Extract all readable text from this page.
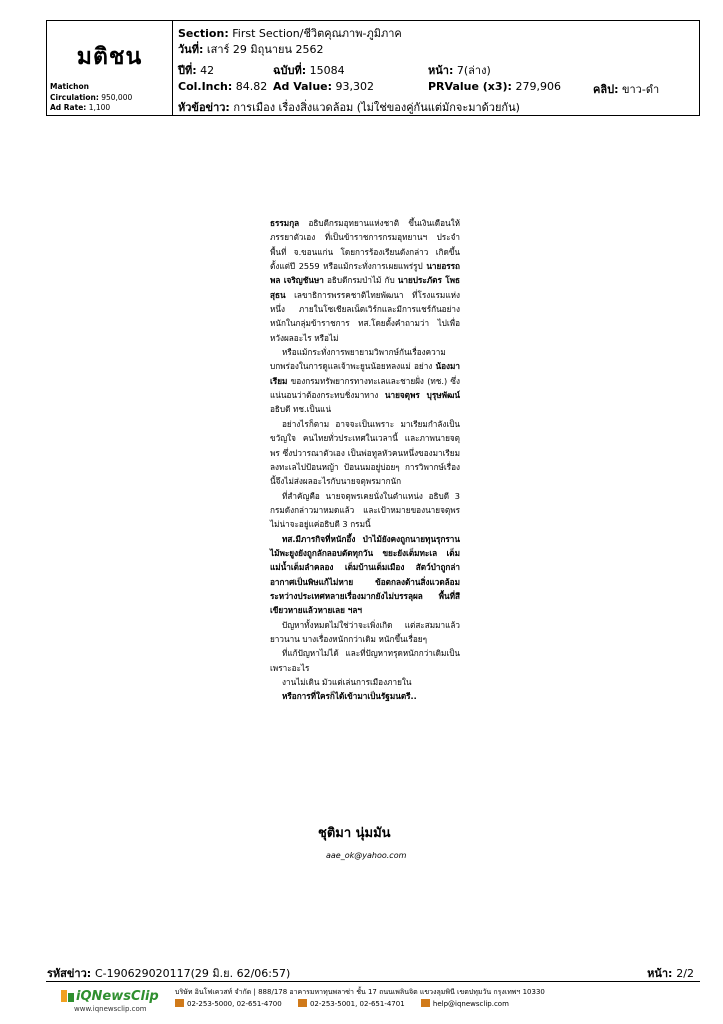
มติชน
Matichon
Circulation: 950,000
Ad Rate: 1,100
Section: First Section/ชีวิตคุณภาพ-ภูมิภาค
วันที่: เสาร์ 29 มิถุนายน 2562
ปีที่: 42	ฉบับที่: 15084	หน้า: 7(ล่าง)
Col.Inch: 84.82 Ad Value: 93,302	PRValue (x3): 279,906	คลิป: ขาว-ดำ
หัวข้อข่าว: การเมือง เรื่องสิ่งแวดล้อม (ไม่ใช่ของคู่กันแต่มักจะมาด้วยกัน)

ธรรมกุล อธิบดีกรมอุทยานแห่งชาติ ขึ้นเงินเดือนให้ภรรยาตัวเอง ที่เป็นข้าราชการกรมอุทยานฯ ประจำพื้นที่ จ.ขอนแก่น โดยการร้องเรียนดังกล่าว เกิดขึ้นตั้งแต่ปี 2559 หรือแม้กระทั่งการเผยแพร่รูป นายอรรถพล เจริญชันษา อธิบดีกรมป่าไม้ กับ นายประภัตร โพธสุธน เลขาธิการพรรคชาติไทยพัฒนา ที่โรงแรมแห่งหนึ่ง ภายในโซเชียลเน็ตเวิร์กและมีการแชร์กันอย่างหนักในกลุ่มข้าราชการ ทส.โดยตั้งคำถามว่า ไปเพื่อหวังผลอะไร หรือไม่

หรือแม้กระทั่งการพยายามวิพากษ์กันเรื่องความบกพร่องในการดูแลเจ้าพะยูนน้อยหลงแม่ อย่าง น้องมาเรียม ของกรมทรัพยากรทางทะเลและชายฝั่ง (ทช.) ซึ่งแน่นอนว่าต้องกระทบชิ่งมาทาง นายจตุพร บุรุษพัฒน์ อธิบดี ทช.เป็นแน่

อย่างไรก็ตาม อาจจะเป็นเพราะ มาเรียมกำลังเป็นขวัญใจ คนไทยทั่วประเทศในเวลานี้ และภาพนายจตุพร ซึ่งปวารณาตัวเอง เป็นพ่อทูลหัวคนหนึ่งของมาเรียมลงทะเลไปป้อนหญ้า ป้อนนมอยู่บ่อยๆ การวิพากษ์เรื่องนี้จึงไม่ส่งผลอะไรกับนายจตุพรมากนัก

ที่สำคัญคือ นายจตุพรเคยนั่งในตำแหน่ง อธิบดี 3 กรมดังกล่าวมาหมดแล้ว และเป้าหมายของนายจตุพรไม่น่าจะอยู่แค่อธิบดี 3 กรมนี้

ทส.มีภารกิจที่หนักอึ้ง ป่าไม้ยังคงถูกนายทุนรุกราน ไม้พะยูงยังถูกลักลอบตัดทุกวัน ขยะยังเต็มทะเล เต็มแม่น้ำเต็มลำคลอง เต็มบ้านเต็มเมือง สัตว์ป่าถูกล่า อากาศเป็นพิษแก้ไม่หาย ข้อตกลงด้านสิ่งแวดล้อมระหว่างประเทศหลายเรื่องมากยังไม่บรรลุผล พื้นที่สีเขียวหายแล้วหายเลย ฯลฯ

ปัญหาทั้งหมดไม่ใช่ว่าจะเพิ่งเกิด แต่สะสมมาแล้วยาวนาน บางเรื่องหนักกว่าเดิม หนักขึ้นเรื่อยๆ

ที่แก้ปัญหาไม่ได้ และที่ปัญหาทรุดหนักกว่าเดิมเป็นเพราะอะไร

งานไม่เดิน มัวแต่เล่นการเมืองภายใน

หรือการที่ใครก็ได้เข้ามาเป็นรัฐมนตรี..

ชุติมา นุ่มมัน
aae_ok@yahoo.com
รหัสข่าว: C-190629020117(29 มิ.ย. 62/06:57)	หน้า: 2/2
iQNewsClip
www.iqnewsclip.com
บริษัท อินโฟเควสท์ จำกัด | 888/178 อาคารมหาทุนพลาซ่า ชั้น 17 ถนนเพลินจิต แขวงลุมพินี เขตปทุมวัน กรุงเทพฯ 10330
02-253-5000, 02-651-4700	02-253-5001, 02-651-4701	help@iqnewsclip.com
